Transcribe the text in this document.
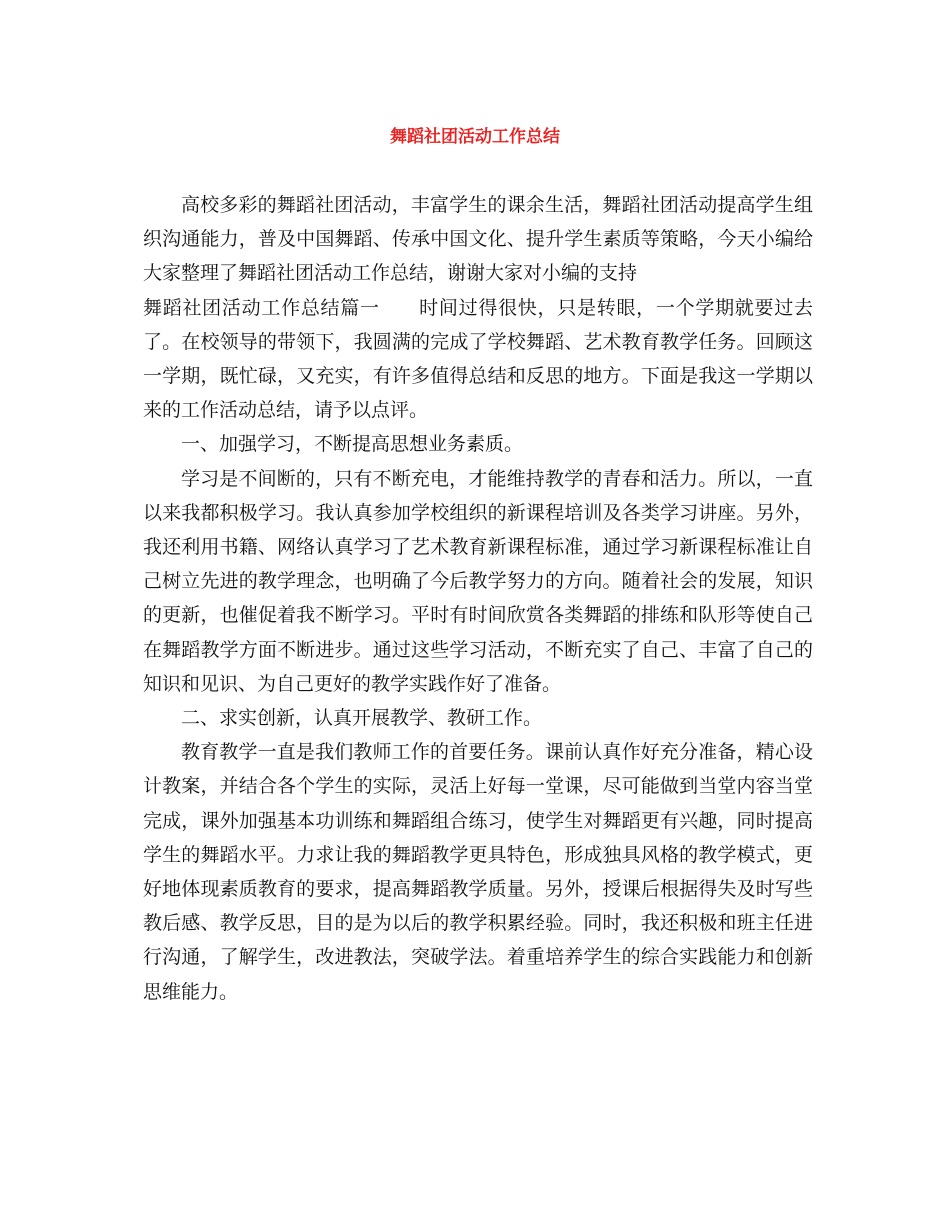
舞蹈社团活动工作总结

高校多彩的舞蹈社团活动，丰富学生的课余生活，舞蹈社团活动提高学生组织沟通能力，普及中国舞蹈、传承中国文化、提升学生素质等策略，今天小编给大家整理了舞蹈社团活动工作总结，谢谢大家对小编的支持

舞蹈社团活动工作总结篇一　　时间过得很快，只是转眼，一个学期就要过去了。在校领导的带领下，我圆满的完成了学校舞蹈、艺术教育教学任务。回顾这一学期，既忙碌，又充实，有许多值得总结和反思的地方。下面是我这一学期以来的工作活动总结，请予以点评。

一、加强学习，不断提高思想业务素质。

学习是不间断的，只有不断充电，才能维持教学的青春和活力。所以，一直以来我都积极学习。我认真参加学校组织的新课程培训及各类学习讲座。另外，我还利用书籍、网络认真学习了艺术教育新课程标准，通过学习新课程标准让自己树立先进的教学理念，也明确了今后教学努力的方向。随着社会的发展，知识的更新，也催促着我不断学习。平时有时间欣赏各类舞蹈的排练和队形等使自己在舞蹈教学方面不断进步。通过这些学习活动，不断充实了自己、丰富了自己的知识和见识、为自己更好的教学实践作好了准备。

二、求实创新，认真开展教学、教研工作。

教育教学一直是我们教师工作的首要任务。课前认真作好充分准备，精心设计教案，并结合各个学生的实际，灵活上好每一堂课，尽可能做到当堂内容当堂完成，课外加强基本功训练和舞蹈组合练习，使学生对舞蹈更有兴趣，同时提高学生的舞蹈水平。力求让我的舞蹈教学更具特色，形成独具风格的教学模式，更好地体现素质教育的要求，提高舞蹈教学质量。另外，授课后根据得失及时写些教后感、教学反思，目的是为以后的教学积累经验。同时，我还积极和班主任进行沟通，了解学生，改进教法，突破学法。着重培养学生的综合实践能力和创新思维能力。
